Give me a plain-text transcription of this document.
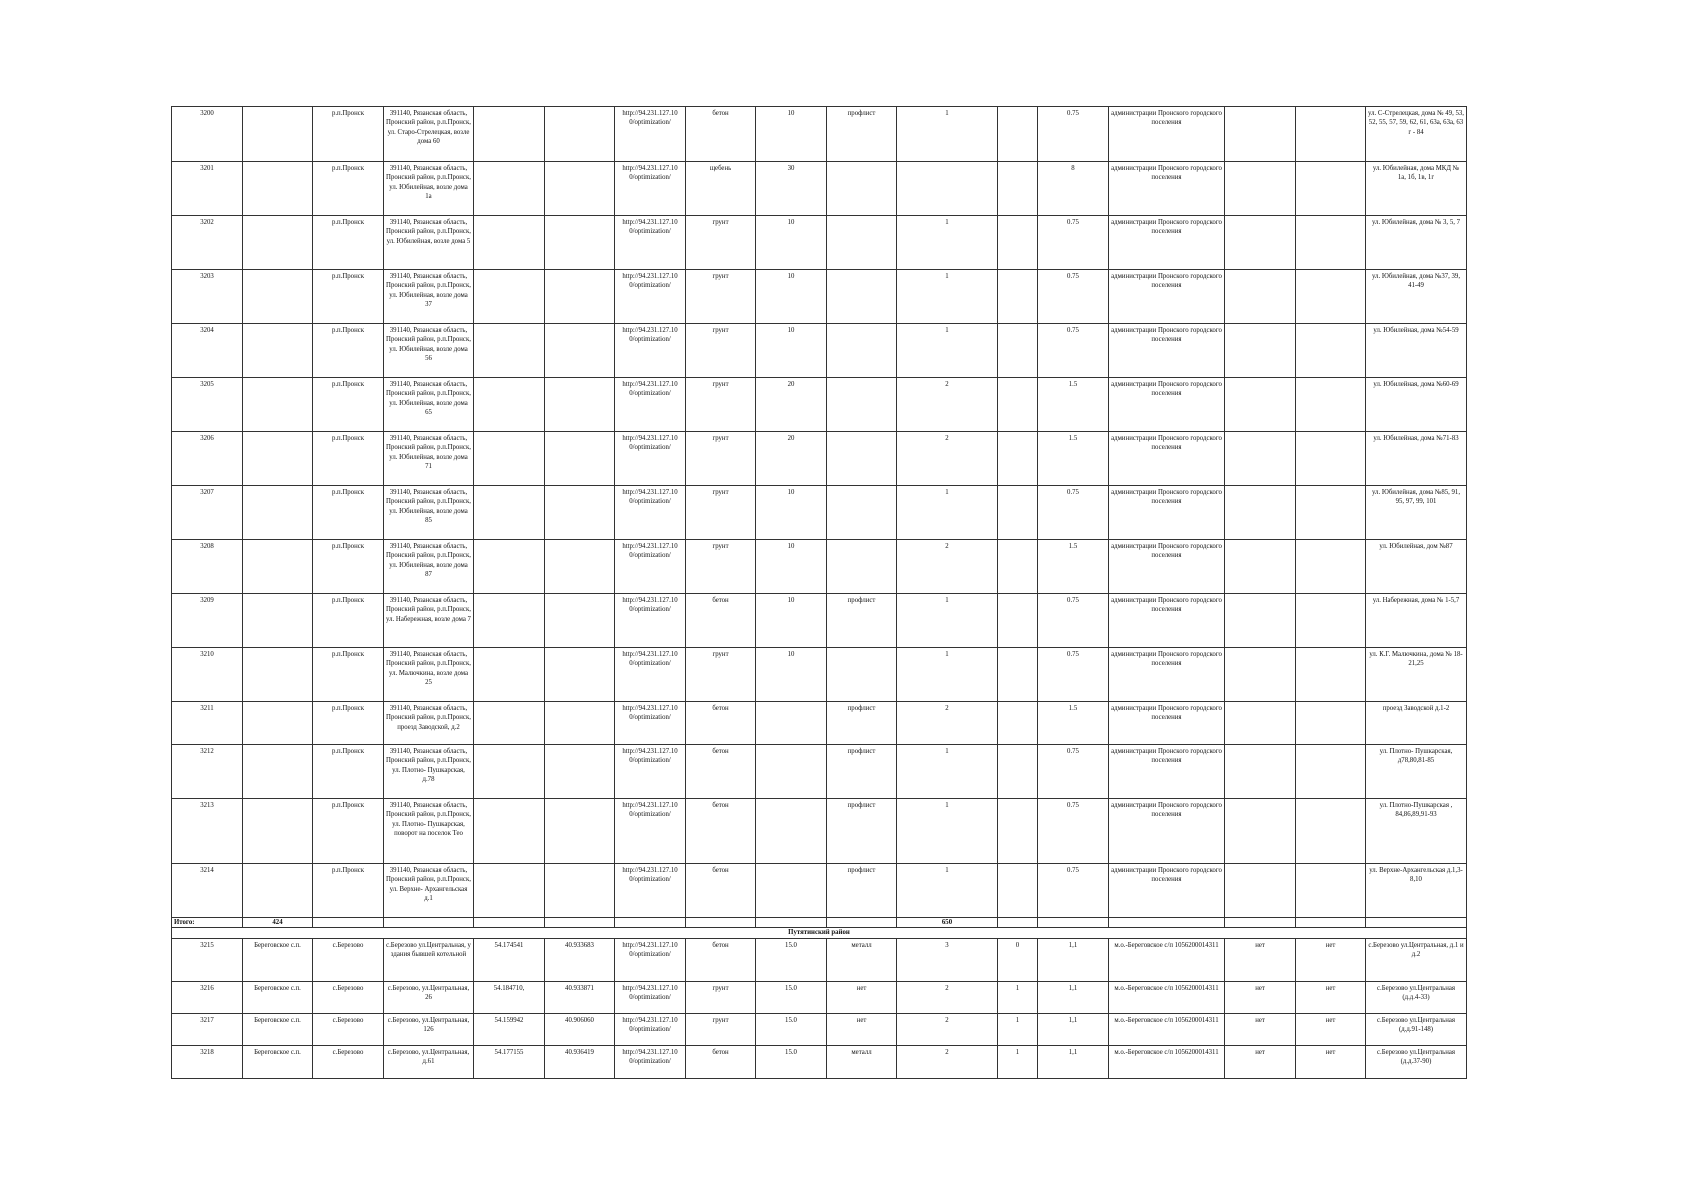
3200		р.п.Пронск	391140, Рязанская область, Пронский район, р.п.Пронск, ул. Старо-Стрелецкая, возле дома 60			http://94.231.127.10 0/optimization/	бетон	10	профлист	1		0.75	администрации Пронского городского поселения			ул. С-Стрелецкая, дома № 49, 53, 52, 55, 57, 59, 62, 61, 63а, 63а, 63 г - 84
3201		р.п.Пронск	391140, Рязанская область, Пронский район, р.п.Пронск, ул. Юбилейная, возле дома 1а			http://94.231.127.10 0/optimization/	щебень	30				8	администрации Пронского городского поселения			ул. Юбилейная, дома МКД № 1а, 1б, 1в, 1г
3202		р.п.Пронск	391140, Рязанская область, Пронский район, р.п.Пронск, ул. Юбилейная, возле дома 5			http://94.231.127.10 0/optimization/	грунт	10		1		0.75	администрации Пронского городского поселения			ул. Юбилейная, дома № 3, 5, 7
3203		р.п.Пронск	391140, Рязанская область, Пронский район, р.п.Пронск, ул. Юбилейная, возле дома 37			http://94.231.127.10 0/optimization/	грунт	10		1		0.75	администрации Пронского городского поселения			ул. Юбилейная, дома №37, 39, 41-49
3204		р.п.Пронск	391140, Рязанская область, Пронский район, р.п.Пронск, ул. Юбилейная, возле дома 56			http://94.231.127.10 0/optimization/	грунт	10		1		0.75	администрации Пронского городского поселения			ул. Юбилейная, дома №54-59
3205		р.п.Пронск	391140, Рязанская область, Пронский район, р.п.Пронск, ул. Юбилейная, возле дома 65			http://94.231.127.10 0/optimization/	грунт	20		2		1.5	администрации Пронского городского поселения			ул. Юбилейная, дома №60-69
3206		р.п.Пронск	391140, Рязанская область, Пронский район, р.п.Пронск, ул. Юбилейная, возле дома 71			http://94.231.127.10 0/optimization/	грунт	20		2		1.5	администрации Пронского городского поселения			ул. Юбилейная, дома №71-83
3207		р.п.Пронск	391140, Рязанская область, Пронский район, р.п.Пронск, ул. Юбилейная, возле дома 85			http://94.231.127.10 0/optimization/	грунт	10		1		0.75	администрации Пронского городского поселения			ул. Юбилейная, дома №85, 91, 95, 97, 99, 101
3208		р.п.Пронск	391140, Рязанская область, Пронский район, р.п.Пронск, ул. Юбилейная, возле дома 87			http://94.231.127.10 0/optimization/	грунт	10		2		1.5	администрации Пронского городского поселения			ул. Юбилейная, дом №87
3209		р.п.Пронск	391140, Рязанская область, Пронский район, р.п.Пронск, ул. Набережная, возле дома 7			http://94.231.127.10 0/optimization/	бетон	10	профлист	1		0.75	администрации Пронского городского поселения			ул. Набережная, дома № 1-5,7
3210		р.п.Пронск	391140, Рязанская область, Пронский район, р.п.Пронск, ул. Малючкина, возле дома 25			http://94.231.127.10 0/optimization/	грунт	10		1		0.75	администрации Пронского городского поселения			ул. К.Г. Малючкина, дома № 18-21,25
3211		р.п.Пронск	391140, Рязанская область, Пронский район, р.п.Пронск, проезд Заводской, д.2			http://94.231.127.10 0/optimization/	бетон		профлист	2		1.5	администрации Пронского городского поселения			проезд Заводской д.1-2
3212		р.п.Пронск	391140, Рязанская область, Пронский район, р.п.Пронск, ул. Плотно- Пушкарская, д.78			http://94.231.127.10 0/optimization/	бетон		профлист	1		0.75	администрации Пронского городского поселения			ул. Плотно- Пушкарская, д78,80,81-85
3213		р.п.Пронск	391140, Рязанская область, Пронский район, р.п.Пронск, ул. Плотно- Пушкарская, поворот на поселок Тео			http://94.231.127.10 0/optimization/	бетон		профлист	1		0.75	администрации Пронского городского поселения			ул. Плотно-Пушкарская , 84,86,89,91-93
3214		р.п.Пронск	391140, Рязанская область, Пронский район, р.п.Пронск, ул. Верхне- Архангельская д.1			http://94.231.127.10 0/optimization/	бетон		профлист	1		0.75	администрации Пронского городского поселения			ул. Верхне-Архангельская д.1,3-8,10
Итого:	424									650						
Путятинский район																
3215	Береговское с.п.	с.Березово	с.Березово ул.Центральная, у здания бывшей котельной	54.174541	40.933683	http://94.231.127.10 0/optimization/	бетон	15.0	металл	3	0	1,1	м.о.-Береговское с/п 1056200014311	нет	нет	с.Березово ул.Центральная, д.1 и д.2
3216	Береговское с.п.	с.Березово	с.Березово, ул.Центральная, 26	54.184710,	40.933871	http://94.231.127.10 0/optimization/	грунт	15.0	нет	2	1	1,1	м.о.-Береговское с/п 1056200014311	нет	нет	с.Березово ул.Центральная (д.д.4-33)
3217	Береговское с.п.	с.Березово	с.Березово, ул.Центральная, 126	54.159942	40.906060	http://94.231.127.10 0/optimization/	грунт	15.0	нет	2	1	1,1	м.о.-Береговское с/п 1056200014311	нет	нет	с.Березово ул.Центральная (д.д.91-148)
3218	Береговское с.п.	с.Березово	с.Березово, ул.Центральная, д.61	54.177155	40.936419	http://94.231.127.10 0/optimization/	бетон	15.0	металл	2	1	1,1	м.о.-Береговское с/п 1056200014311	нет	нет	с.Березово ул.Центральная (д.д.37-90)
